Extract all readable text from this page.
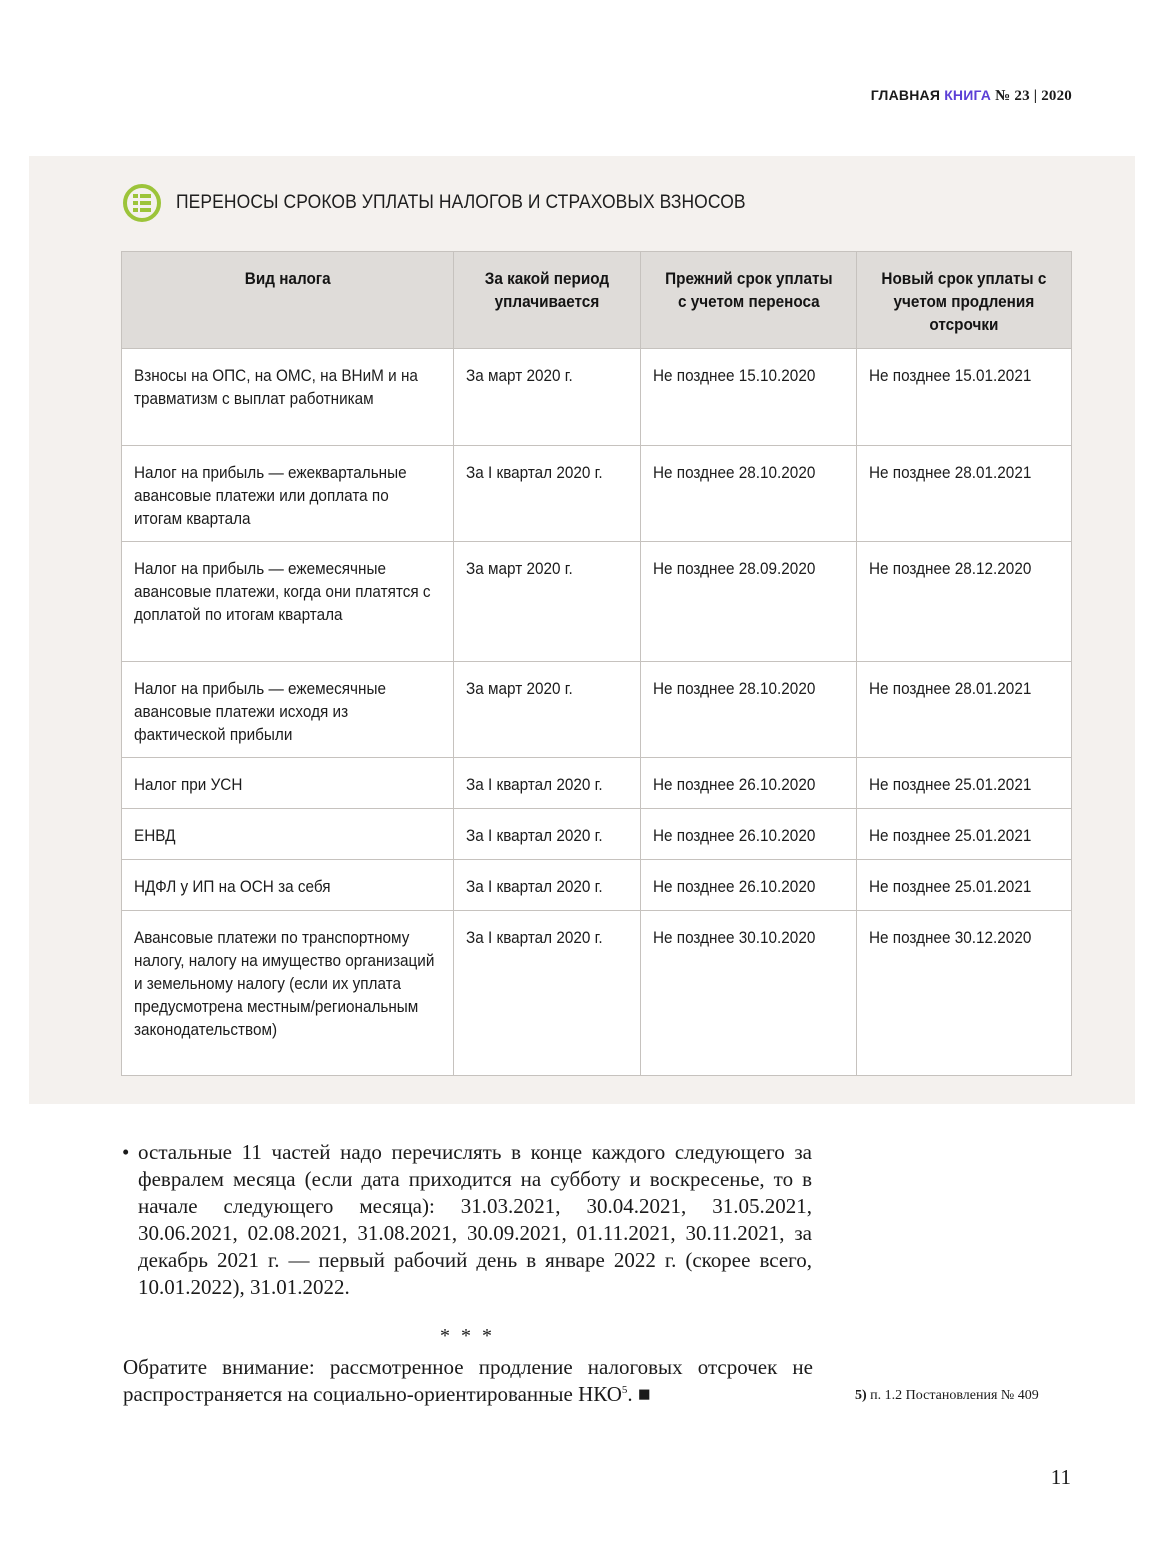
ГЛАВНАЯ КНИГА № 23 | 2020
ПЕРЕНОСЫ СРОКОВ УПЛАТЫ НАЛОГОВ И СТРАХОВЫХ ВЗНОСОВ
Вид налога	За какой период уплачивается	Прежний срок уплаты с учетом переноса	Новый срок уплаты с учетом продления отсрочки
Взносы на ОПС, на ОМС, на ВНиМ и на травматизм с выплат работникам	За март 2020 г.	Не позднее 15.10.2020	Не позднее 15.01.2021
Налог на прибыль — ежеквартальные авансовые платежи или доплата по итогам квартала	За I квартал 2020 г.	Не позднее 28.10.2020	Не позднее 28.01.2021
Налог на прибыль — ежемесячные авансовые платежи, когда они платятся с доплатой по итогам квартала	За март 2020 г.	Не позднее 28.09.2020	Не позднее 28.12.2020
Налог на прибыль — ежемесячные авансовые платежи исходя из фактической прибыли	За март 2020 г.	Не позднее 28.10.2020	Не позднее 28.01.2021
Налог при УСН	За I квартал 2020 г.	Не позднее 26.10.2020	Не позднее 25.01.2021
ЕНВД	За I квартал 2020 г.	Не позднее 26.10.2020	Не позднее 25.01.2021
НДФЛ у ИП на ОСН за себя	За I квартал 2020 г.	Не позднее 26.10.2020	Не позднее 25.01.2021
Авансовые платежи по транспортному налогу, налогу на имущество организаций и земельному налогу (если их уплата предусмотрена местным/региональным законодательством)	За I квартал 2020 г.	Не позднее 30.10.2020	Не позднее 30.12.2020
• остальные 11 частей надо перечислять в конце каждого следующего за февралем месяца (если дата приходится на субботу и воскресенье, то в начале следующего месяца): 31.03.2021, 30.04.2021, 31.05.2021, 30.06.2021, 02.08.2021, 31.08.2021, 30.09.2021, 01.11.2021, 30.11.2021, за декабрь 2021 г. — первый рабочий день в январе 2022 г. (скорее всего, 10.01.2022), 31.01.2022.
* * *
Обратите внимание: рассмотренное продление налоговых отсрочек не распространяется на социально-ориентированные НКО$^5$. ■	5) п. 1.2 Постановления № 409
11
